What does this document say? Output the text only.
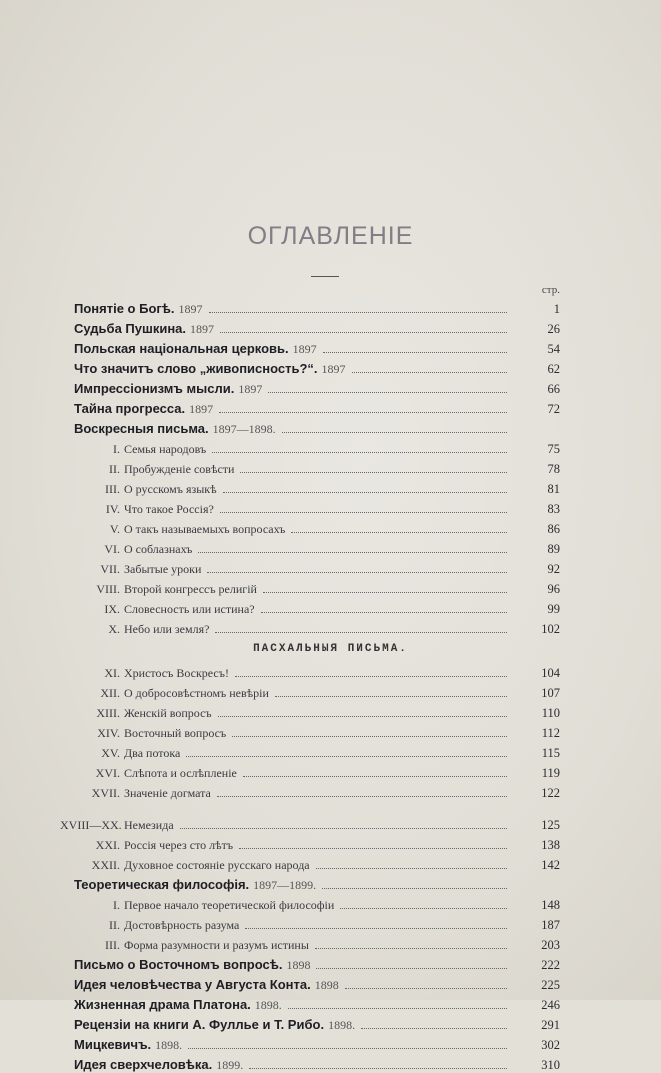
ОГЛАВЛЕНІЕ
стр.
Понятіе о Богѣ. 1897	1
Судьба Пушкина. 1897	26
Польская національная церковь. 1897	54
Что значитъ слово „живописность?“. 1897	62
Импрессіонизмъ мысли. 1897	66
Тайна прогресса. 1897	72
Воскресныя письма. 1897—1898.
I. Семья народовъ	75
II. Пробужденіе совѣсти	78
III. О русскомъ языкѣ	81
IV. Что такое Россія?	83
V. О такъ называемыхъ вопросахъ	86
VI. О соблазнахъ	89
VII. Забытые уроки	92
VIII. Второй конгрессъ религій	96
IX. Словесность или истина?	99
X. Небо или земля?	102
ПАСХАЛЬНЫЯ ПИСЬМА.
XI. Христосъ Воскресъ!	104
XII. О добросовѣстномъ невѣріи	107
XIII. Женскій вопросъ	110
XIV. Восточный вопросъ	112
XV. Два потока	115
XVI. Слѣпота и ослѣпленіе	119
XVII. Значеніе догмата	122
XVIII—XX. Немезида	125
XXI. Россія через сто лѣтъ	138
XXII. Духовное состояніе русскаго народа	142
Теоретическая философія. 1897—1899.
I. Первое начало теоретической философіи	148
II. Достовѣрность разума	187
III. Форма разумности и разумъ истины	203
Письмо о Восточномъ вопросѣ. 1898	222
Идея человѣчества у Августа Конта. 1898	225
Жизненная драма Платона. 1898.	246
Рецензіи на книги А. Фуллье и Т. Рибо. 1898.	291
Мицкевичъ. 1898.	302
Идея сверхчеловѣка. 1899.	310
